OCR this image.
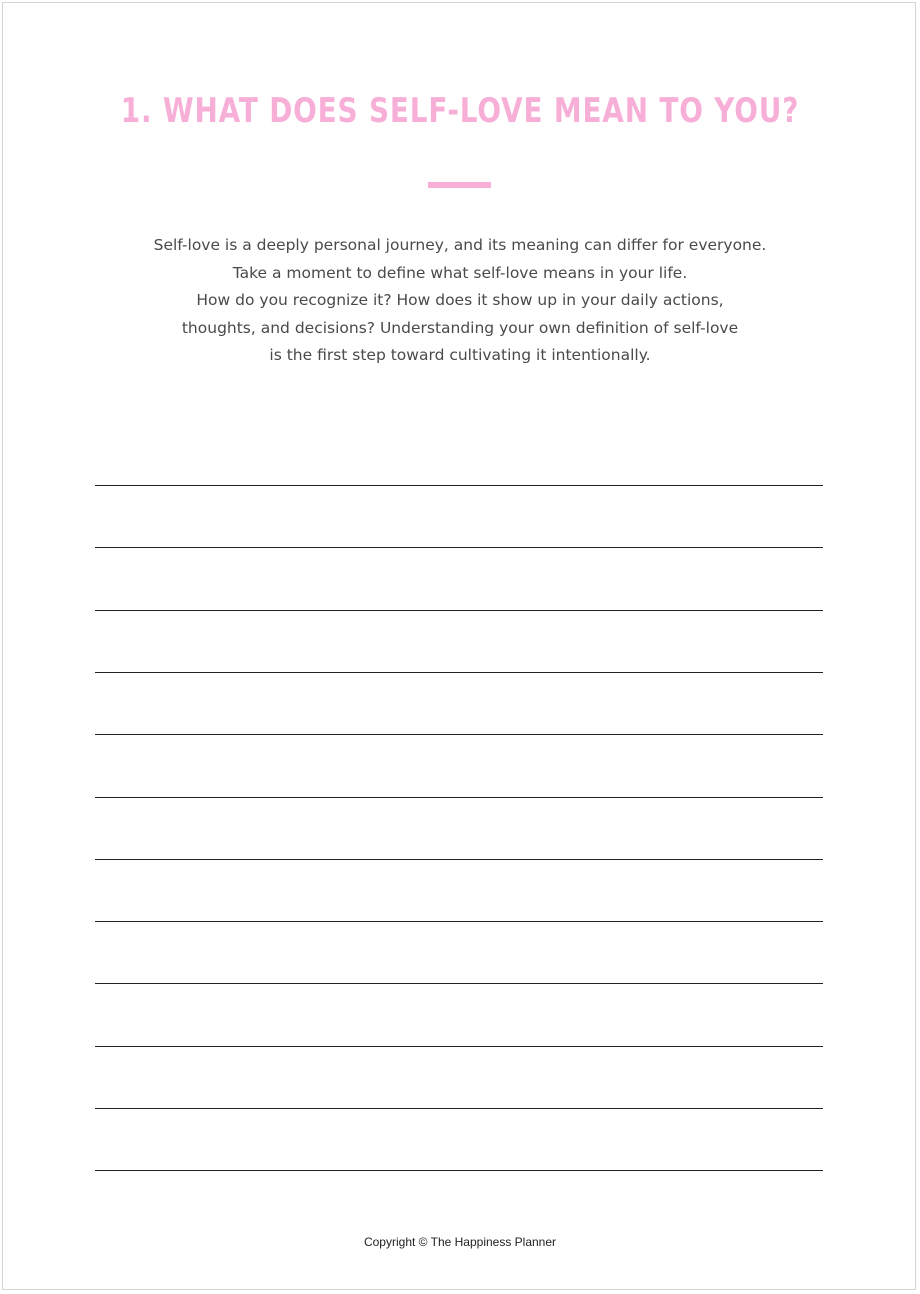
1. WHAT DOES SELF-LOVE MEAN TO YOU?
Self-love is a deeply personal journey, and its meaning can differ for everyone.
Take a moment to define what self-love means in your life.
How do you recognize it? How does it show up in your daily actions,
thoughts, and decisions? Understanding your own definition of self-love
is the first step toward cultivating it intentionally.
Copyright © The Happiness Planner
